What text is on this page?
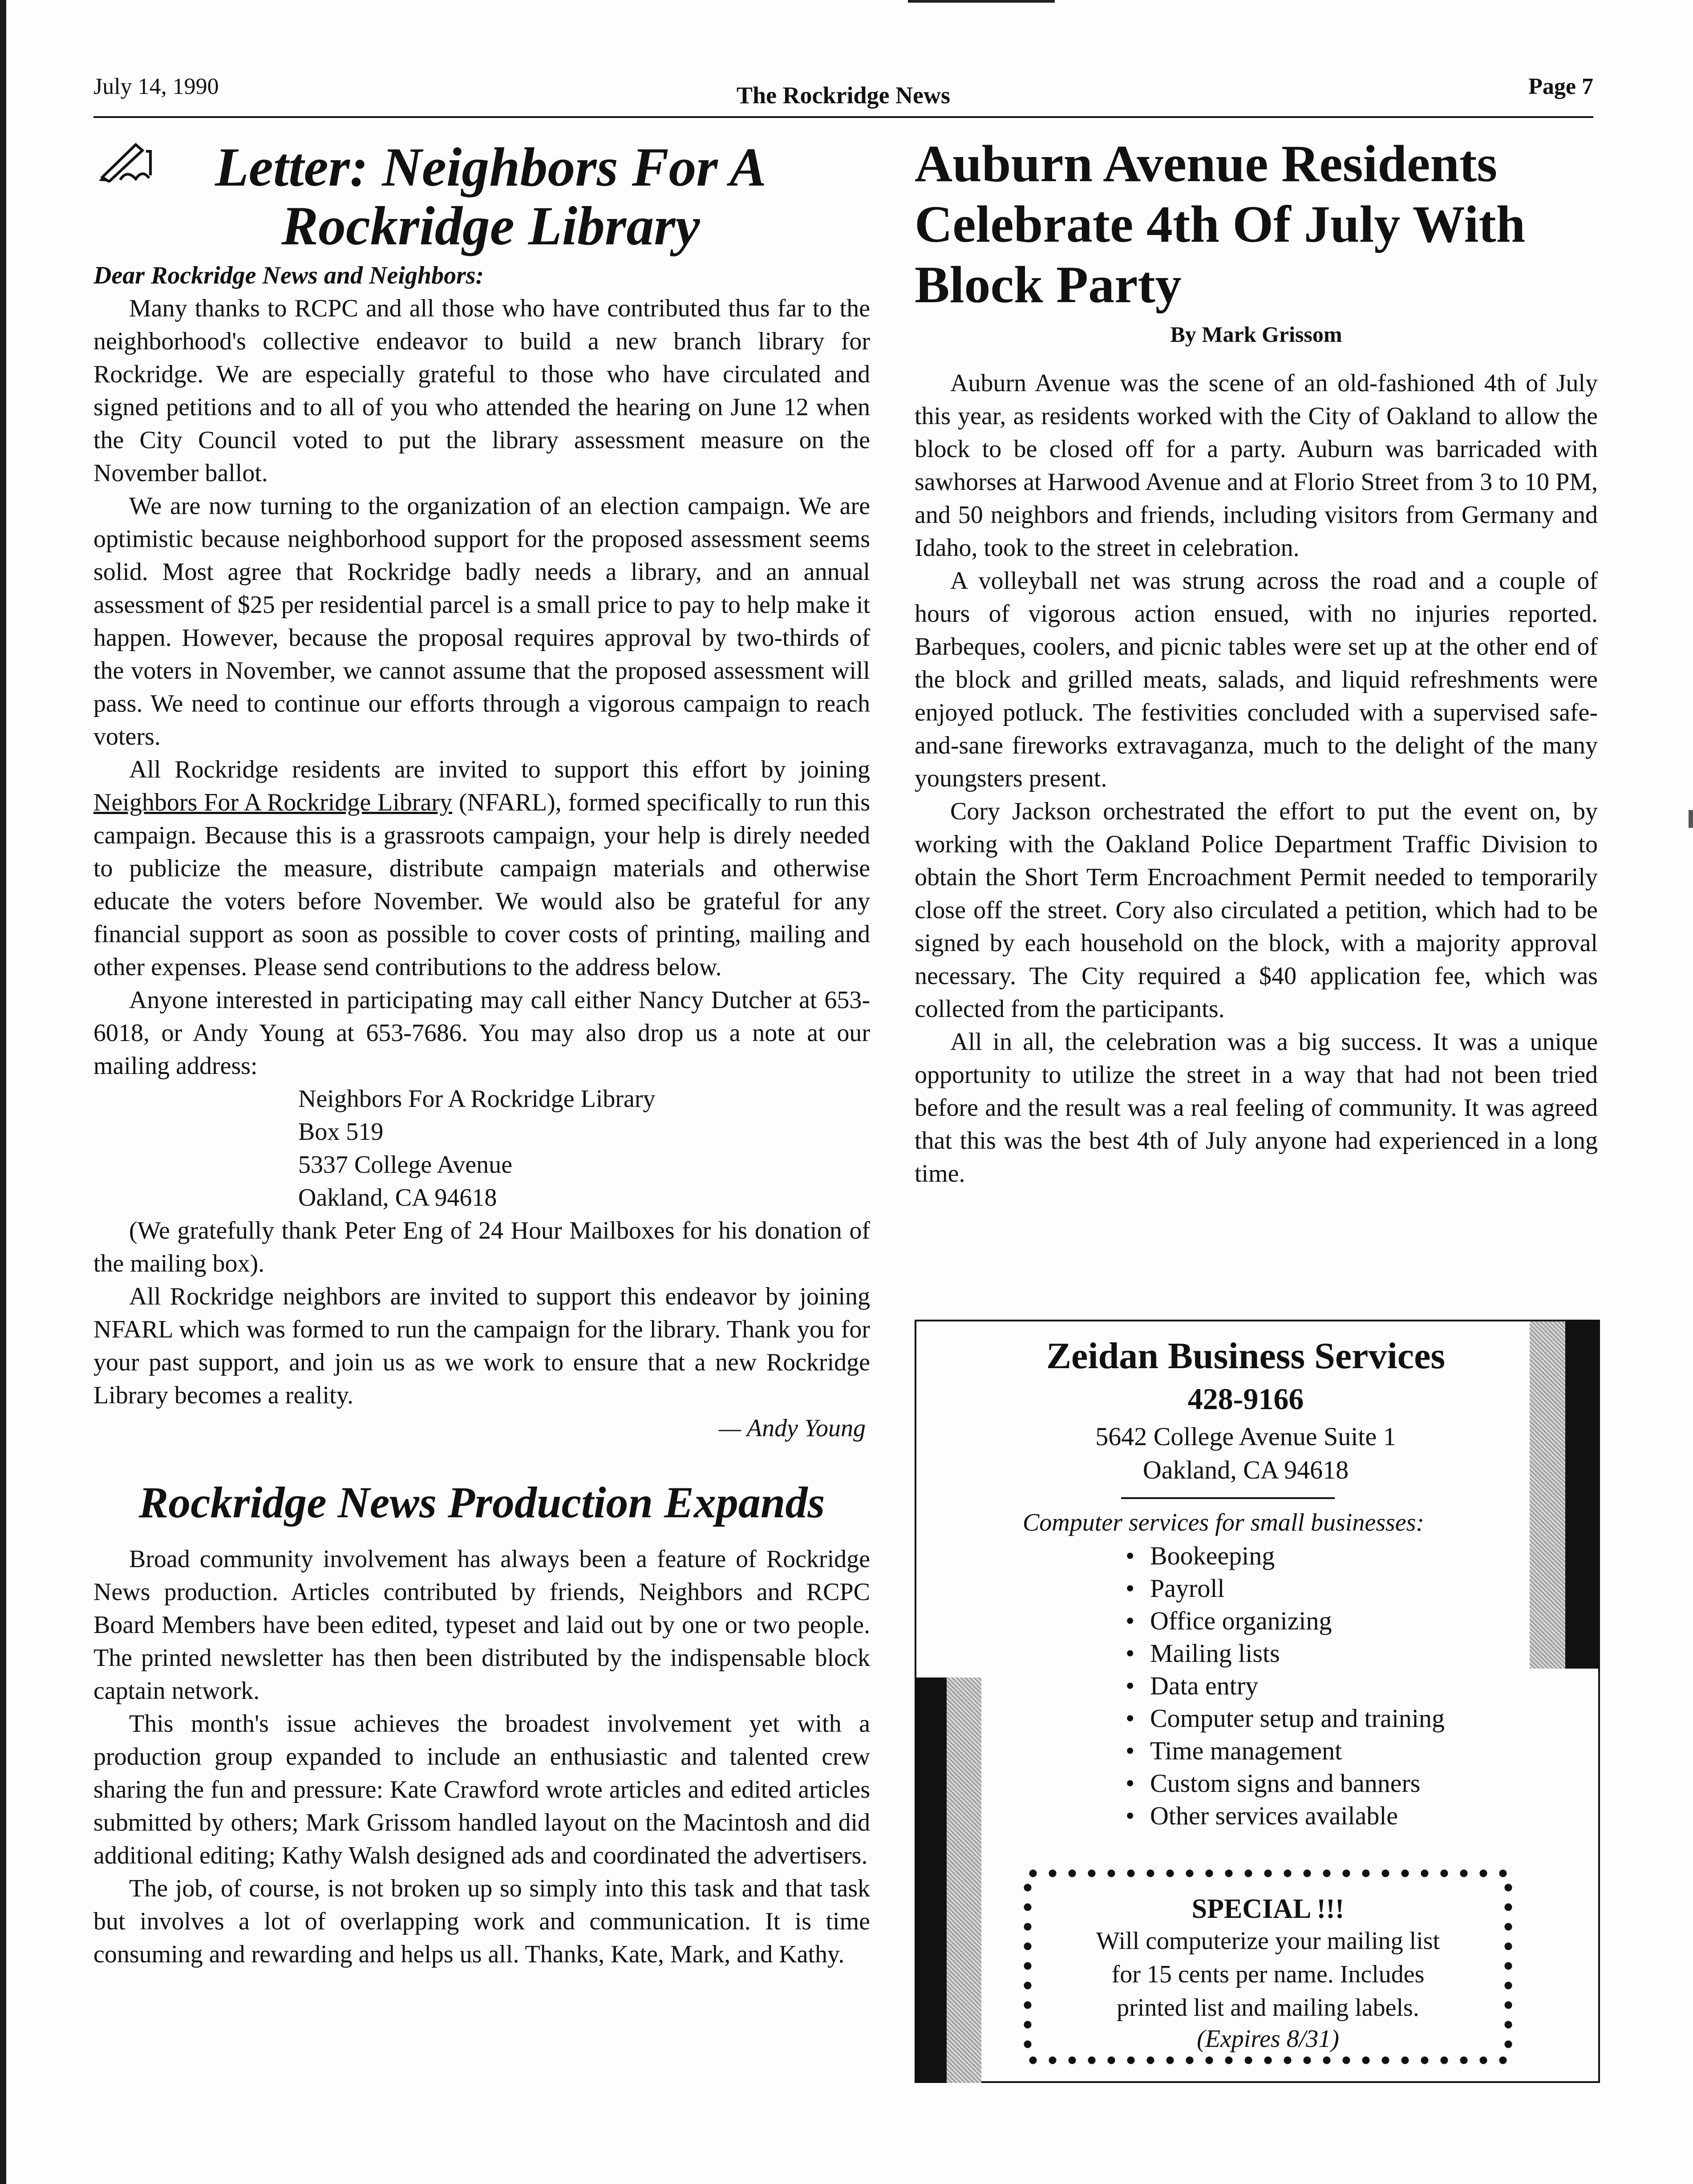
July 14, 1990	The Rockridge News	Page 7
Letter: Neighbors For A
Rockridge Library
Dear Rockridge News and Neighbors:

Many thanks to RCPC and all those who have contributed thus far to the neighborhood's collective endeavor to build a new branch library for Rockridge. We are especially grateful to those who have circulated and signed petitions and to all of you who attended the hearing on June 12 when the City Council voted to put the library assessment measure on the November ballot.

We are now turning to the organization of an election campaign. We are optimistic because neighborhood support for the proposed assessment seems solid. Most agree that Rockridge badly needs a library, and an annual assessment of $25 per residential parcel is a small price to pay to help make it happen. However, because the proposal requires approval by two-thirds of the voters in November, we cannot assume that the proposed assessment will pass. We need to continue our efforts through a vigorous campaign to reach voters.

All Rockridge residents are invited to support this effort by joining Neighbors For A Rockridge Library (NFARL), formed specifically to run this campaign. Because this is a grassroots campaign, your help is direly needed to publicize the measure, distribute campaign materials and otherwise educate the voters before November. We would also be grateful for any financial support as soon as possible to cover costs of printing, mailing and other expenses. Please send contributions to the address below.

Anyone interested in participating may call either Nancy Dutcher at 653-6018, or Andy Young at 653-7686. You may also drop us a note at our mailing address:

Neighbors For A Rockridge Library
Box 519
5337 College Avenue
Oakland, CA 94618

(We gratefully thank Peter Eng of 24 Hour Mailboxes for his donation of the mailing box).

All Rockridge neighbors are invited to support this endeavor by joining NFARL which was formed to run the campaign for the library. Thank you for your past support, and join us as we work to ensure that a new Rockridge Library becomes a reality.

— Andy Young
Rockridge News Production Expands

Broad community involvement has always been a feature of Rockridge News production. Articles contributed by friends, Neighbors and RCPC Board Members have been edited, typeset and laid out by one or two people. The printed newsletter has then been distributed by the indispensable block captain network.

This month's issue achieves the broadest involvement yet with a production group expanded to include an enthusiastic and talented crew sharing the fun and pressure: Kate Crawford wrote articles and edited articles submitted by others; Mark Grissom handled layout on the Macintosh and did additional editing; Kathy Walsh designed ads and coordinated the advertisers.

The job, of course, is not broken up so simply into this task and that task but involves a lot of overlapping work and communication. It is time consuming and rewarding and helps us all. Thanks, Kate, Mark, and Kathy.

Auburn Avenue Residents Celebrate 4th Of July With Block Party
By Mark Grissom

Auburn Avenue was the scene of an old-fashioned 4th of July this year, as residents worked with the City of Oakland to allow the block to be closed off for a party. Auburn was barricaded with sawhorses at Harwood Avenue and at Florio Street from 3 to 10 PM, and 50 neighbors and friends, including visitors from Germany and Idaho, took to the street in celebration.

A volleyball net was strung across the road and a couple of hours of vigorous action ensued, with no injuries reported. Barbeques, coolers, and picnic tables were set up at the other end of the block and grilled meats, salads, and liquid refreshments were enjoyed potluck. The festivities concluded with a supervised safe-and-sane fireworks extravaganza, much to the delight of the many youngsters present.

Cory Jackson orchestrated the effort to put the event on, by working with the Oakland Police Department Traffic Division to obtain the Short Term Encroachment Permit needed to temporarily close off the street. Cory also circulated a petition, which had to be signed by each household on the block, with a majority approval necessary. The City required a $40 application fee, which was collected from the participants.

All in all, the celebration was a big success. It was a unique opportunity to utilize the street in a way that had not been tried before and the result was a real feeling of community. It was agreed that this was the best 4th of July anyone had experienced in a long time.

Zeidan Business Services
428-9166
5642 College Avenue Suite 1
Oakland, CA 94618
Computer services for small businesses:
• Bookeeping
• Payroll
• Office organizing
• Mailing lists
• Data entry
• Computer setup and training
• Time management
• Custom signs and banners
• Other services available
SPECIAL !!!
Will computerize your mailing list
for 15 cents per name. Includes
printed list and mailing labels.
(Expires 8/31)
